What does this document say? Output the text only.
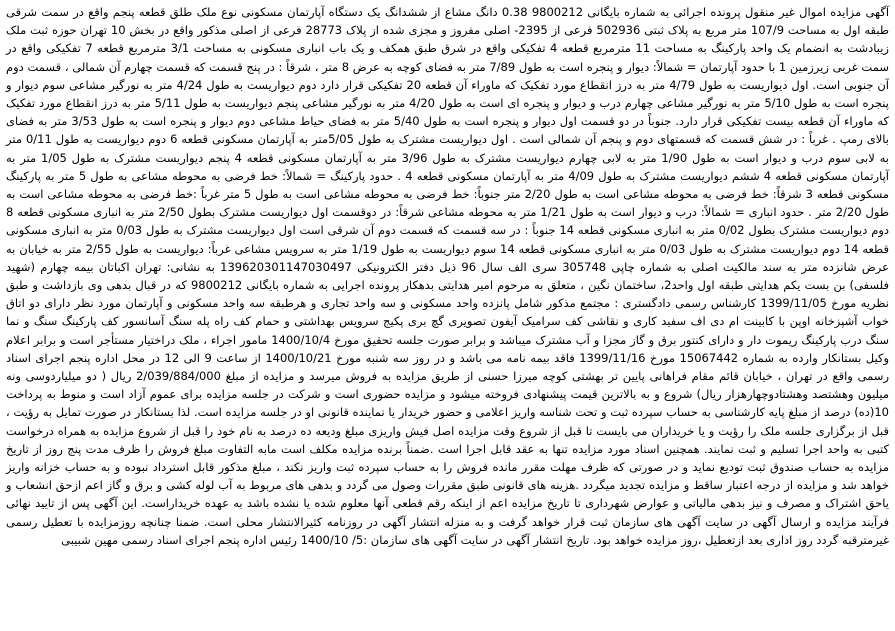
آگهی مزایده اموال غیر منقول پرونده اجرائی به شماره بایگانی 9800212 0.38 دانگ مشاع از ششدانگ یک دستگاه آپارتمان مسکونی نوع ملک طلق قطعه پنجم واقع در سمت شرقی طبقه اول به مساحت 107/9 متر مربع به پلاک ثبتی 502936 فرعی از 2395- اصلی مفروز و مجزی شده از پلاک 28773 فرعی از اصلی مذکور واقع در بخش 10 تهران حوزه ثبت ملک زیبادشت به انضمام یک واحد پارکینگ به مساحت 11 مترمربع قطعه 4 تفکیکی واقع در شرق طبق همکف و یک باب انباری مسکونی به مساحت 3/1 مترمربع قطعه 7 تفکیکی واقع در سمت غربی زیرزمین 1 با حدود آپارتمان = شمالاً: دیوار و پنجره است به طول 7/89 متر به فضای کوچه به عرض 8 متر ، شرقاً : در پنج قسمت که قسمت چهارم آن شمالی ، قسمت دوم آن جنوبی است. اول دیواریست به طول 4/79 متر به درز انقطاع مورد تفکیک که ماوراء آن قطعه 20 تفکیکی قرار دارد دوم دیواریست به طول 4/24 متر به نورگیر مشاعی سوم دیوار و پنجره است به طول 5/10 متر به نورگیر مشاعی چهارم درب و دیوار و پنجره ای است به طول 4/20 متر به نورگیر مشاعی پنجم دیواریست به طول 5/11 متر به درز انقطاع مورد تفکیک که ماوراء آن قطعه بیست تفکیکی قرار دارد. جنوباً در دو قسمت اول دیوار و پنجره است به طول 5/40 متر به فضای حیاط مشاعی دوم دیوار و پنجره است به طول 3/53 متر به فضای بالای رمپ . غرباً : در شش قسمت که قسمتهای دوم و پنجم آن شمالی است . اول دیواریست مشترک به طول 5/05متر به آپارتمان مسکونی قطعه 6 دوم دیواریست به طول 0/11 متر به لابی سوم درب و دیوار است به طول 1/90 متر به لابی چهارم دیواریست مشترک به طول 3/96 متر به آپارتمان مسکونی قطعه 4 پنجم دیواریست مشترک به طول 1/05 متر به آپارتمان مسکونی قطعه 4 ششم دیواریست مشترک به طول 4/09 متر به آپارتمان مسکونی قطعه 4 . حدود پارکینگ = شمالاً: خط فرضی به محوطه مشاعی به طول 5 متر به پارکینگ مسکونی قطعه 3 شرقاً: خط فرضی به محوطه مشاعی است به طول 2/20 متر جنوباً: خط فرضی به محوطه مشاعی است به طول 5 متر غرباً :خط فرضی به محوطه مشاعی است به طول 2/20 متر . حدود انباری = شمالاً: درب و دیوار است به طول 1/21 متر به محوطه مشاعی شرقاً: در دوقسمت اول دیواریست مشترک بطول 2/50 متر به انباری مسکونی قطعه 8 دوم دیواریست مشترک بطول 0/02 متر به انباری مسکونی قطعه 14 جنوباً : در سه قسمت که قسمت دوم آن شرقی است اول دیواریست مشترک به طول 0/03 متر به انباری مسکونی قطعه 14 دوم دیواریست مشترک به طول 0/03 متر به انباری مسکونی قطعه 14 سوم دیواریست به طول 1/19 متر به سرویس مشاعی غرباً: دیواریست به طول 2/55 متر به خیابان به عرض شانزده متر به سند مالکیت اصلی به شماره چاپی 305748 سری الف سال 96 ذیل دفتر الکترونیکی 139620301147030497 به نشانی: تهران اکباتان بیمه چهارم (شهید فلسفی) بن بست یکم هدایتی طبقه اول واحد2، ساختمان نگین ، متعلق به مرحوم امیر هدایتی بدهکار پرونده اجرایی به شماره بایگانی 9800212 که در قبال بدهی وی بازداشت و طبق نظریه مورخ 1399/11/05 کارشناس رسمی دادگستری : مجتمع مذکور شامل پانزده واحد مسکونی و سه واحد تجاری و هرطبقه سه واحد مسکونی و آپارتمان مورد نظر دارای دو اتاق خواب آشپزخانه اوپن با کابینت ام دی اف سفید کاری و نقاشی کف سرامیک آیفون تصویری گچ بری پکیج سرویس بهداشتی و حمام کف راه پله سنگ آسانسور کف پارکینگ سنگ و نما سنگ درب پارکینگ ریموت دار و دارای کنتور برق و گاز مجزا و آب مشترک میباشد و برابر صورت جلسه تحقیق مورخ 1400/10/4 مامور اجراء ، ملک دراختیار مستأجر است و برابر اعلام وکیل بستانکار وارده به شماره 15067442 مورخ 1399/11/16 فاقد بیمه نامه می باشد و در روز سه شنبه مورخ 1400/10/21 از ساعت 9 الی 12 در محل اداره پنجم اجرای اسناد رسمی واقع در تهران ، خیابان قائم مقام فراهانی پایین تر بهشتی کوچه میرزا حسنی از طریق مزایده به فروش میرسد و مزایده از مبلغ 2/039/884/000 ریال ( دو میلیاردوسی ونه میلیون وهشتصد وهشتادوچهارهزار ریال) شروع و به بالاترین قیمت پیشنهادی فروخته میشود و مزایده حضوری است و شرکت در جلسه مزایده برای عموم آزاد است و منوط به پرداخت 10(ده) درصد از مبلغ پایه کارشناسی به حساب سپرده ثبت و تحت شناسه واریز اعلامی و حضور خریدار یا نماینده قانونی او در جلسه مزایده است. لذا بستانکار در صورت تمایل به رؤیت ، قبل از برگزاری جلسه ملک را رؤیت و یا خریداران می بایست تا قبل از شروع وقت مزایده اصل فیش واریزی مبلغ ودیعه ده درصد به نام خود را قبل از شروع مزایده به همراه درخواست کتبی به واحد اجرا تسلیم و ثبت نمایند. همچنین اسناد مورد مزایده تنها به عقد قابل اجرا است .ضمناً برنده مزایده مکلف است مابه التفاوت مبلغ فروش را ظرف مدت پنج روز از تاریخ مزایده به حساب صندوق ثبت تودیع نماید و در صورتی که ظرف مهلت مقرر مانده فروش را به حساب سپرده ثبت واریز نکند ، مبلغ مذکور قابل استرداد نبوده و به حساب خزانه واریز خواهد شد و مزایده از درجه اعتبار ساقط و مزایده تجدید میگردد .هزینه های قانونی طبق مقررات وصول می گردد و بدهی های مربوط به آب لوله کشی و برق و گاز اعم ازحق انشعاب و یاحق اشتراک و مصرف و نیز بدهی مالیاتی و عوارض شهرداری تا تاریخ مزایده اعم از اینکه رقم قطعی آنها معلوم شده یا نشده باشد به عهده خریداراست. این آگهی پس از تایید نهائی فرآیند مزایده و ارسال آگهی در سایت آگهی های سازمان ثبت قرار خواهد گرفت و به منزله انتشار آگهی در روزنامه کثیرالانتشار محلی است. ضمنا چنانچه روزمزایده با تعطیل رسمی غیرمترقبه گردد روز اداری بعد ازتعطیل ،روز مزایده خواهد بود. تاریخ انتشار آگهی در سایت آگهی های سازمان :5/ 1400/10 رئیس اداره پنجم اجرای اسناد رسمی مهین شبیبی
